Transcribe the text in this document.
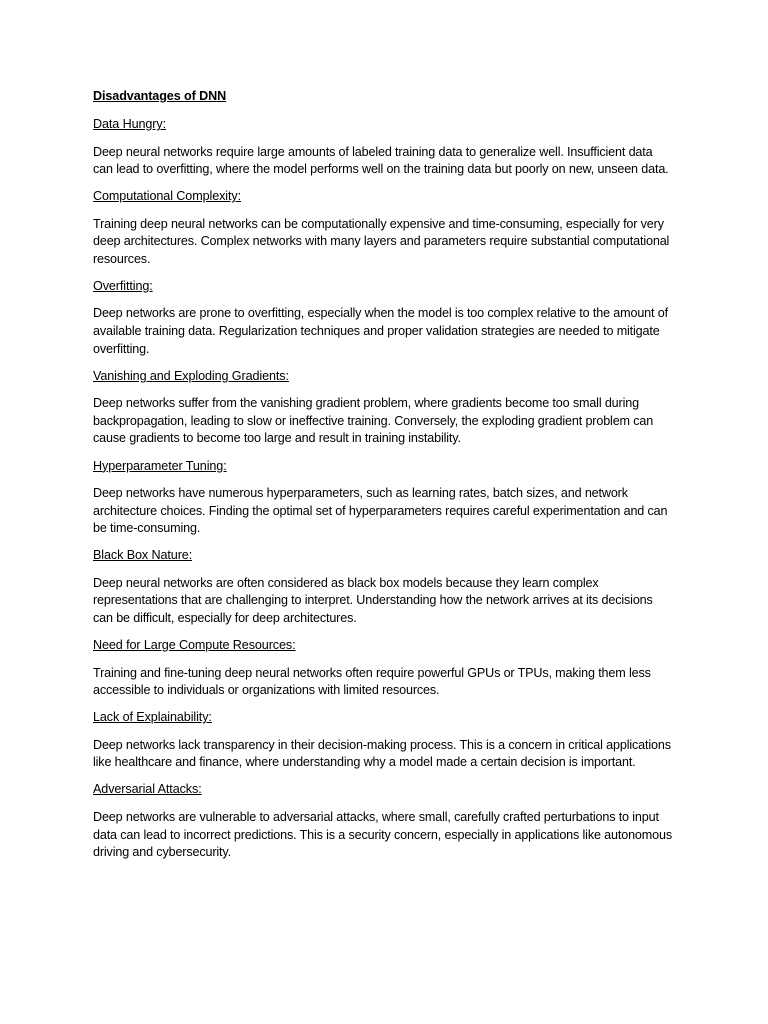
Disadvantages of DNN
Data Hungry:
Deep neural networks require large amounts of labeled training data to generalize well. Insufficient data can lead to overfitting, where the model performs well on the training data but poorly on new, unseen data.
Computational Complexity:
Training deep neural networks can be computationally expensive and time-consuming, especially for very deep architectures. Complex networks with many layers and parameters require substantial computational resources.
Overfitting:
Deep networks are prone to overfitting, especially when the model is too complex relative to the amount of available training data. Regularization techniques and proper validation strategies are needed to mitigate overfitting.
Vanishing and Exploding Gradients:
Deep networks suffer from the vanishing gradient problem, where gradients become too small during backpropagation, leading to slow or ineffective training. Conversely, the exploding gradient problem can cause gradients to become too large and result in training instability.
Hyperparameter Tuning:
Deep networks have numerous hyperparameters, such as learning rates, batch sizes, and network architecture choices. Finding the optimal set of hyperparameters requires careful experimentation and can be time-consuming.
Black Box Nature:
Deep neural networks are often considered as black box models because they learn complex representations that are challenging to interpret. Understanding how the network arrives at its decisions can be difficult, especially for deep architectures.
Need for Large Compute Resources:
Training and fine-tuning deep neural networks often require powerful GPUs or TPUs, making them less accessible to individuals or organizations with limited resources.
Lack of Explainability:
Deep networks lack transparency in their decision-making process. This is a concern in critical applications like healthcare and finance, where understanding why a model made a certain decision is important.
Adversarial Attacks:
Deep networks are vulnerable to adversarial attacks, where small, carefully crafted perturbations to input data can lead to incorrect predictions. This is a security concern, especially in applications like autonomous driving and cybersecurity.
